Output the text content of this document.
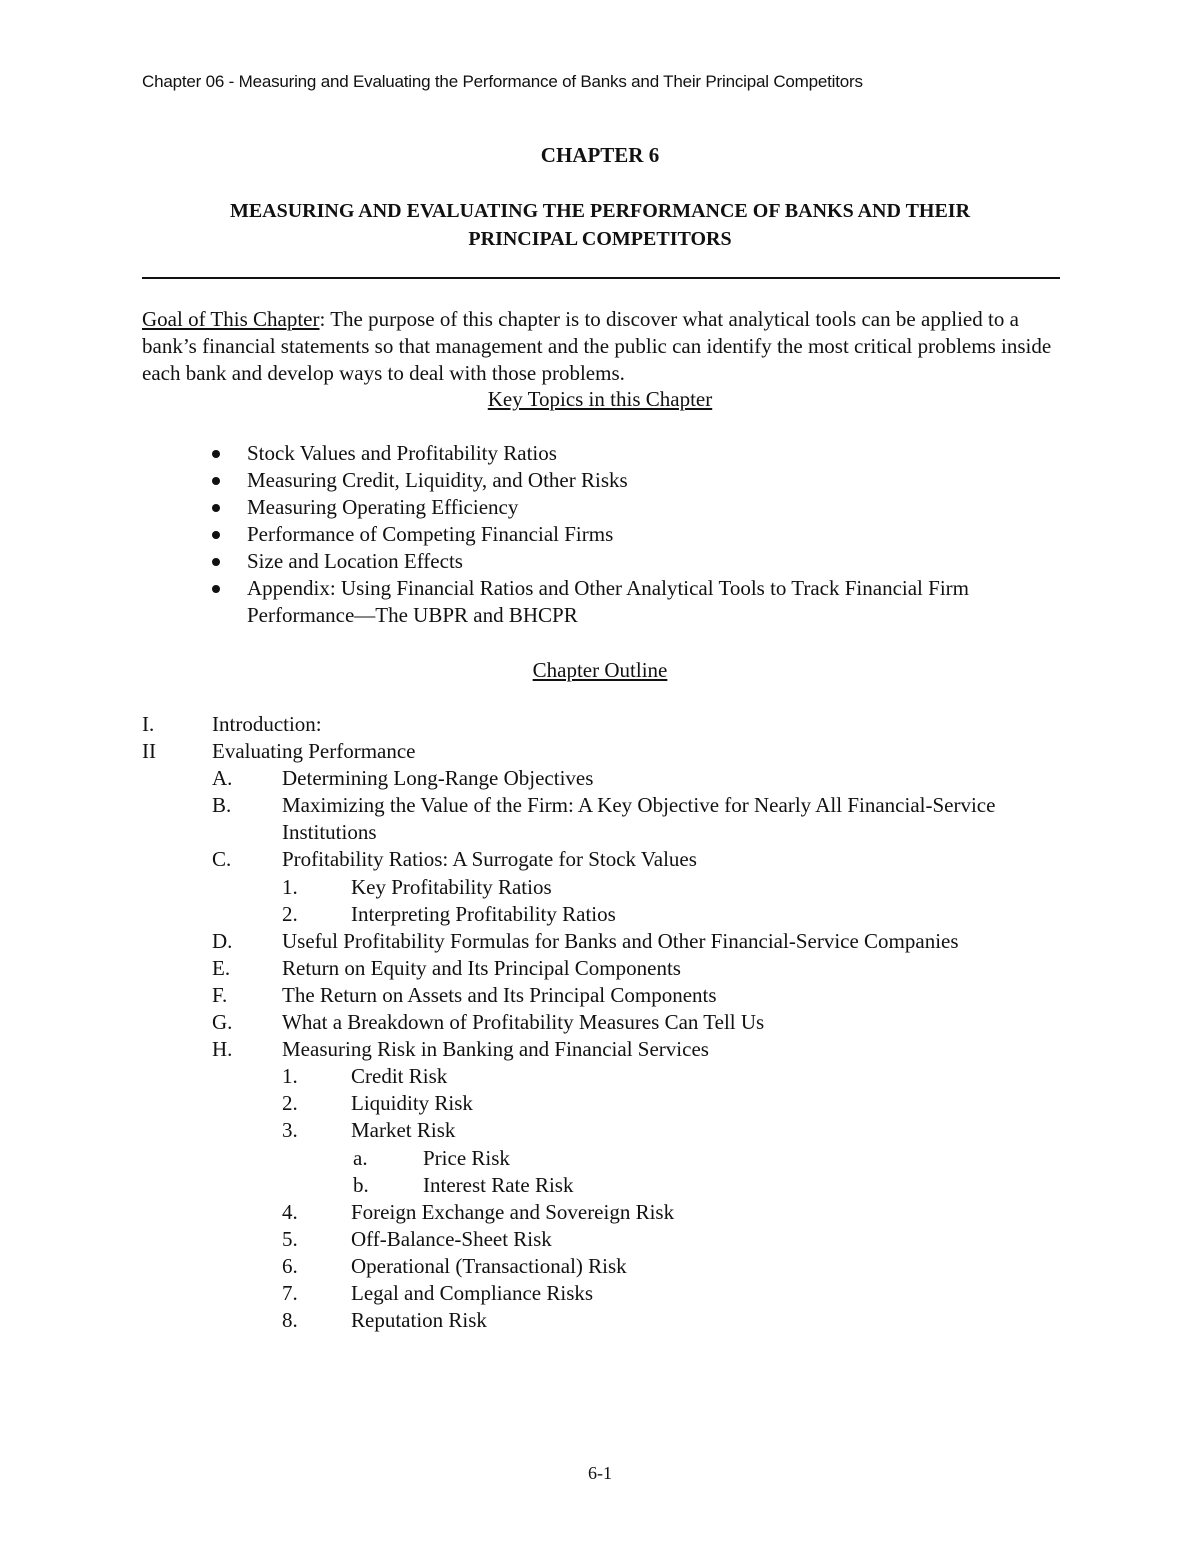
Chapter 06 - Measuring and Evaluating the Performance of Banks and Their Principal Competitors
CHAPTER 6
MEASURING AND EVALUATING THE PERFORMANCE OF BANKS AND THEIR
PRINCIPAL COMPETITORS
Goal of This Chapter: The purpose of this chapter is to discover what analytical tools can be applied to a bank’s financial statements so that management and the public can identify the most critical problems inside each bank and develop ways to deal with those problems.
Key Topics in this Chapter
Stock Values and Profitability Ratios
Measuring Credit, Liquidity, and Other Risks
Measuring Operating Efficiency
Performance of Competing Financial Firms
Size and Location Effects
Appendix: Using Financial Ratios and Other Analytical Tools to Track Financial Firm Performance—The UBPR and BHCPR
Chapter Outline
I.	Introduction:
II	Evaluating Performance
A. Determining Long-Range Objectives
B. Maximizing the Value of the Firm: A Key Objective for Nearly All Financial-Service Institutions
C. Profitability Ratios: A Surrogate for Stock Values
1.	Key Profitability Ratios
2.	Interpreting Profitability Ratios
D. Useful Profitability Formulas for Banks and Other Financial-Service Companies
E. Return on Equity and Its Principal Components
F.	The Return on Assets and Its Principal Components
G. What a Breakdown of Profitability Measures Can Tell Us
H. Measuring Risk in Banking and Financial Services
1.	Credit Risk
2.	Liquidity Risk
3.	Market Risk
a.	Price Risk
b.	Interest Rate Risk
4.	Foreign Exchange and Sovereign Risk
5.	Off-Balance-Sheet Risk
6.	Operational (Transactional) Risk
7.	Legal and Compliance Risks
8.	Reputation Risk
6-1
